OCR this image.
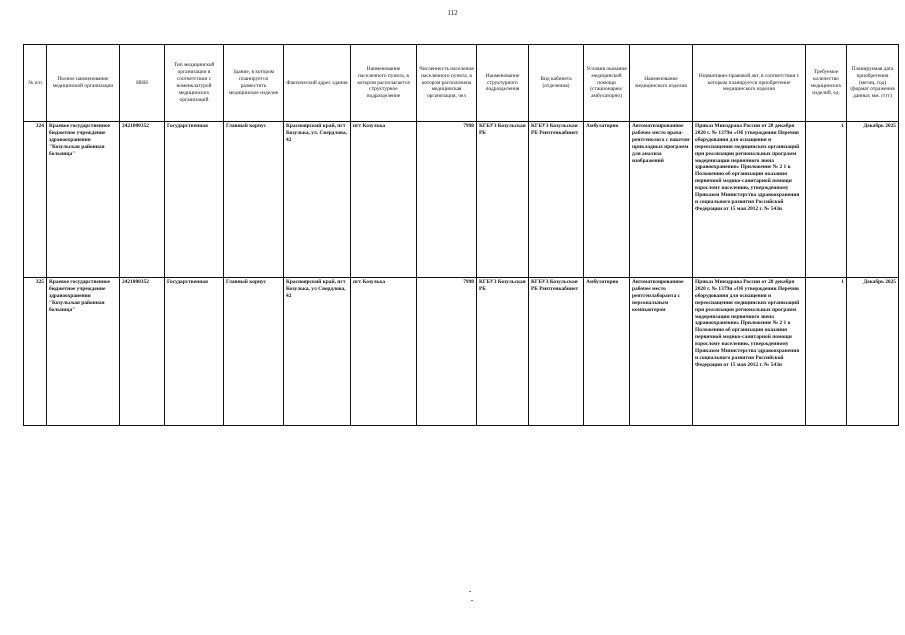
112
№ п/п	Полное наименование медицинской организации	ИНН	Тип медицинской организации в соответствии с номенклатурой медицинских организаций	Здание, в котором планируется разместить медицинское изделие	Фактический адрес здания	Наименование населенного пункта, в котором располагается структурное подразделение	Численность населения населенного пункта, в котором расположена медицинская организация, чел	Наименование структурного подразделения	Вид кабинета (отделения)	Условия оказания медицинской помощи (стационарно/амбулаторно)	Наименование медицинского изделия	Нормативно-правовой акт, в соответствии с которым планируется приобретение медицинского изделия	Требуемое количество медицинских изделий, ед.	Планируемая дата приобретения (месяц, год) (формат отражения данных мм. гггг)
324	Краевое государственное бюджетное учреждение здравоохранения "Козульская районная больница"	2421000352	Государственная	Главный корпус	Красноярский край, пгт Козулька, ул. Свердлова, 42	пгт Козулька	7998	КГБУЗ Козульская РБ	КГБУЗ Козульская РБ Рентгенкабинет	Амбулаторно	Автоматизированное рабочее место врача-рентгенолога с пакетом прикладных программ для анализа изображений	Приказ Минздрава России от 28 декабря 2020 г. № 1379н «Об утверждении Перечня оборудования для оснащения и переоснащения медицинских организаций при реализации региональных программ модернизации первичного звена здравоохранения» Приложение № 2 1 к Положению об организации оказания первичной медико-санитарной помощи взрослому населению, утвержденному Приказом Министерства здравоохранения и социального развития Российской Федерации от 15 мая 2012 г. № 543н	1	Декабрь 2025
325	Краевое государственное бюджетное учреждение здравоохранения "Козульская районная больница"	2421000352	Государственная	Главный корпус	Красноярский край, пгт Козулька, ул Свердлова, 42	пгт Козулька	7998	КГБУЗ Козульская РБ	КГБУЗ Козульская РБ Рентгенкабинет	Амбулаторно	Автоматизированное рабочее место рентгенлаборанта с персональным компьютером	Приказ Минздрава России от 28 декабря 2020 г. № 1379н «Об утверждении Перечня оборудования для оснащения и переоснащения медицинских организаций при реализации региональных программ модернизации первичного звена здравоохранения» Приложение № 2 1 к Положению об организации оказания первичной медико-санитарной помощи взрослому населению, утвержденному Приказом Министерства здравоохранения и социального развития Российской Федерации от 15 мая 2012 г. № 543н	1	Декабрь 2025
